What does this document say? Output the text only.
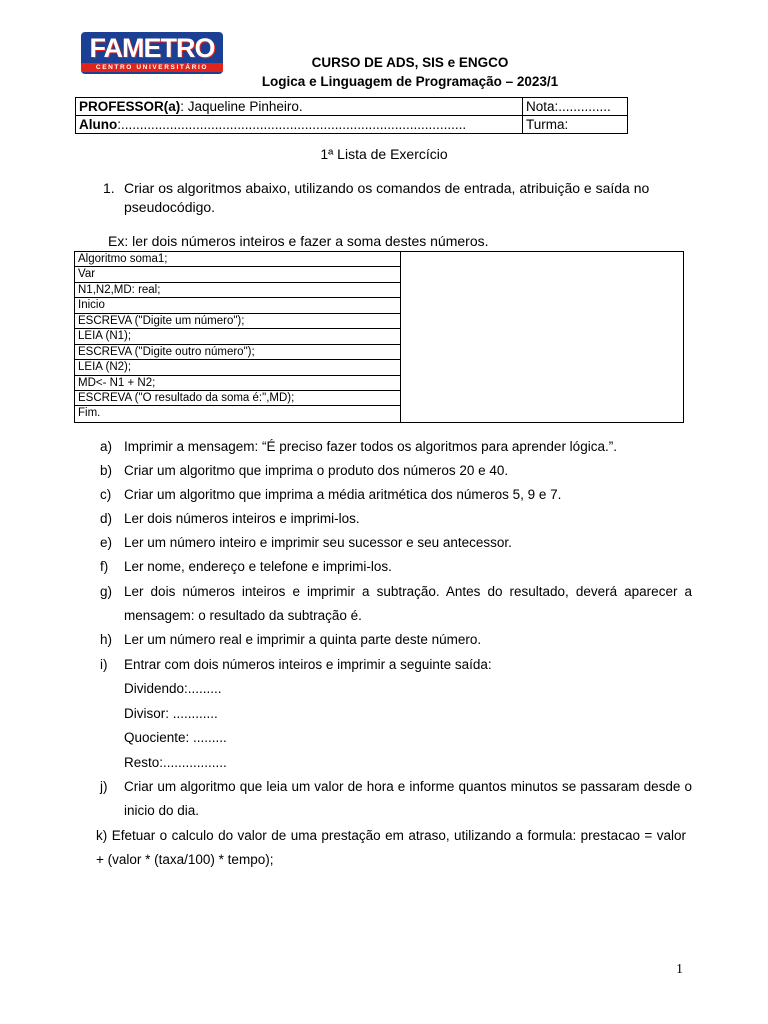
FAMETRO
CENTRO UNIVERSITÁRIO	CURSO DE ADS, SIS e ENGCO
Logica e Linguagem de Programação – 2023/1
PROFESSOR(a): Jaqueline Pinheiro.	Nota:..............
Aluno:............................................................................................	Turma:
1ª Lista de Exercício
1. Criar os algoritmos abaixo, utilizando os comandos de entrada, atribuição e saída no pseudocódigo.
Ex: ler dois números inteiros e fazer a soma destes números.
Algoritmo soma1;
Var
N1,N2,MD: real;
Inicio
ESCREVA ("Digite um número");
LEIA (N1);
ESCREVA ("Digite outro número");
LEIA (N2);
MD<- N1 + N2;
ESCREVA ("O resultado da soma é:",MD);
Fim.
a) Imprimir a mensagem: “É preciso fazer todos os algoritmos para aprender lógica.”.
b) Criar um algoritmo que imprima o produto dos números 20 e 40.
c) Criar um algoritmo que imprima a média aritmética dos números 5, 9 e 7.
d) Ler dois números inteiros e imprimi-los.
e) Ler um número inteiro e imprimir seu sucessor e seu antecessor.
f) Ler nome, endereço e telefone e imprimi-los.
g) Ler dois números inteiros e imprimir a subtração. Antes do resultado, deverá aparecer a mensagem: o resultado da subtração é.
h) Ler um número real e imprimir a quinta parte deste número.
i) Entrar com dois números inteiros e imprimir a seguinte saída:
Dividendo:.........
Divisor: ............
Quociente: .........
Resto:.................
j) Criar um algoritmo que leia um valor de hora e informe quantos minutos se passaram desde o inicio do dia.
k) Efetuar o calculo do valor de uma prestação em atraso, utilizando a formula: prestacao = valor + (valor * (taxa/100) * tempo);
1
